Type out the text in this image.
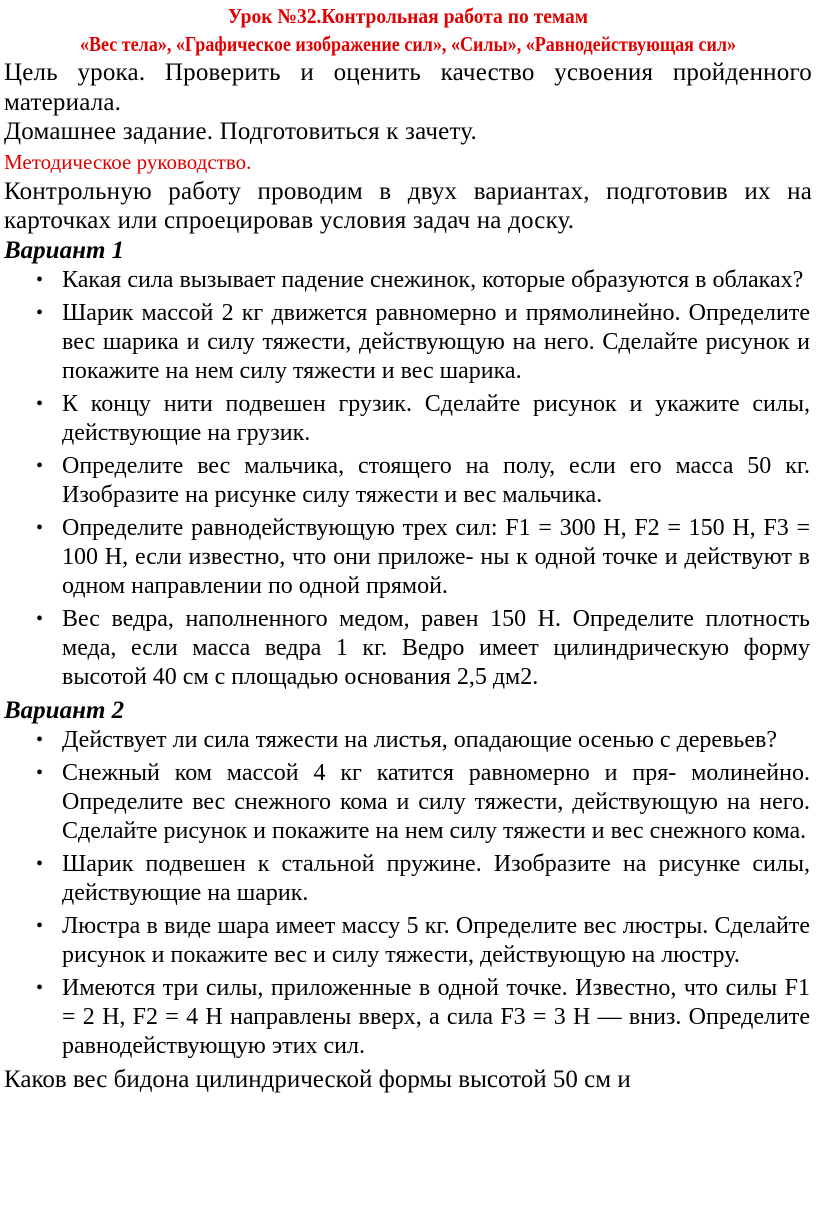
Урок №32.Контрольная работа по темам

«Вес тела», «Графическое изображение сил», «Силы», «Равнодействующая сил»

Цель урока. Проверить и оценить качество усвоения пройденного материала.

Домашнее задание. Подготовиться к зачету.

Методическое руководство.

Контрольную работу проводим в двух вариантах, подготовив их на карточках или спроецировав условия задач на доску.

Вариант 1

• Какая сила вызывает падение снежинок, которые образуются в облаках?
• Шарик массой 2 кг движется равномерно и прямолинейно. Определите вес шарика и силу тяжести, действующую на него. Сделайте рисунок и покажите на нем силу тяжести и вес шарика.
• К концу нити подвешен грузик. Сделайте рисунок и укажите силы, действующие на грузик.
• Определите вес мальчика, стоящего на полу, если его масса 50 кг. Изобразите на рисунке силу тяжести и вес мальчика.
• Определите равнодействующую трех сил: F1 = 300 Н, F2 = 150 Н, F3 = 100 Н, если известно, что они приложе- ны к одной точке и действуют в одном направлении по одной прямой.
• Вес ведра, наполненного медом, равен 150 Н. Определите плотность меда, если масса ведра 1 кг. Ведро имеет цилиндрическую форму высотой 40 см с площадью основания 2,5 дм2.

Вариант 2

• Действует ли сила тяжести на листья, опадающие осенью с деревьев?
• Снежный ком массой 4 кг катится равномерно и пря- молинейно. Определите вес снежного кома и силу тяжести, действующую на него. Сделайте рисунок и покажите на нем силу тяжести и вес снежного кома.
• Шарик подвешен к стальной пружине. Изобразите на рисунке силы, действующие на шарик.
• Люстра в виде шара имеет массу 5 кг. Определите вес люстры. Сделайте рисунок и покажите вес и силу тяжести, действующую на люстру.
• Имеются три силы, приложенные в одной точке. Известно, что силы F1 = 2 Н, F2 = 4 Н направлены вверх, а сила F3 = 3 Н — вниз. Определите равнодействующую этих сил.

Каков вес бидона цилиндрической формы высотой 50 см и
